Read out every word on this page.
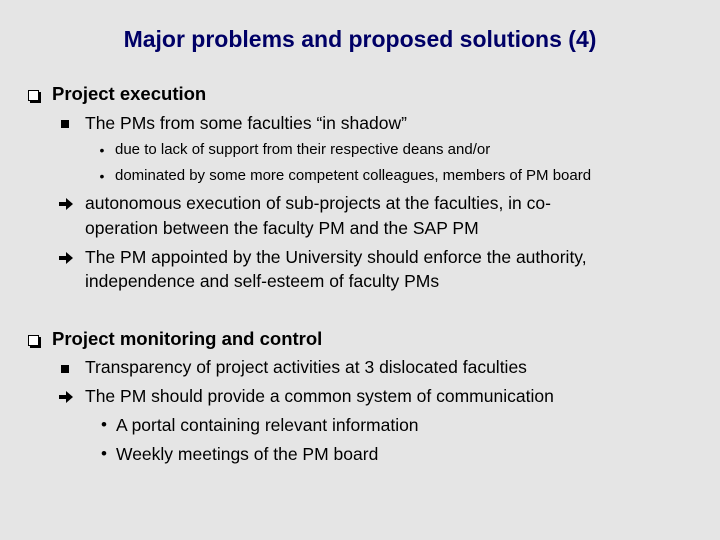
Major problems and proposed solutions (4)
Project execution
The PMs from some faculties “in shadow”
• due to lack of support from their respective deans and/or
• dominated by some more competent colleagues, members of PM board
autonomous execution of sub-projects at the faculties, in co-
operation between the faculty PM and the SAP PM
The PM appointed by the University should enforce the authority,
independence and self-esteem of faculty PMs
Project monitoring and control
Transparency of project activities at 3 dislocated faculties
The PM should provide a common system of communication
• A portal containing relevant information
• Weekly meetings of the PM board
